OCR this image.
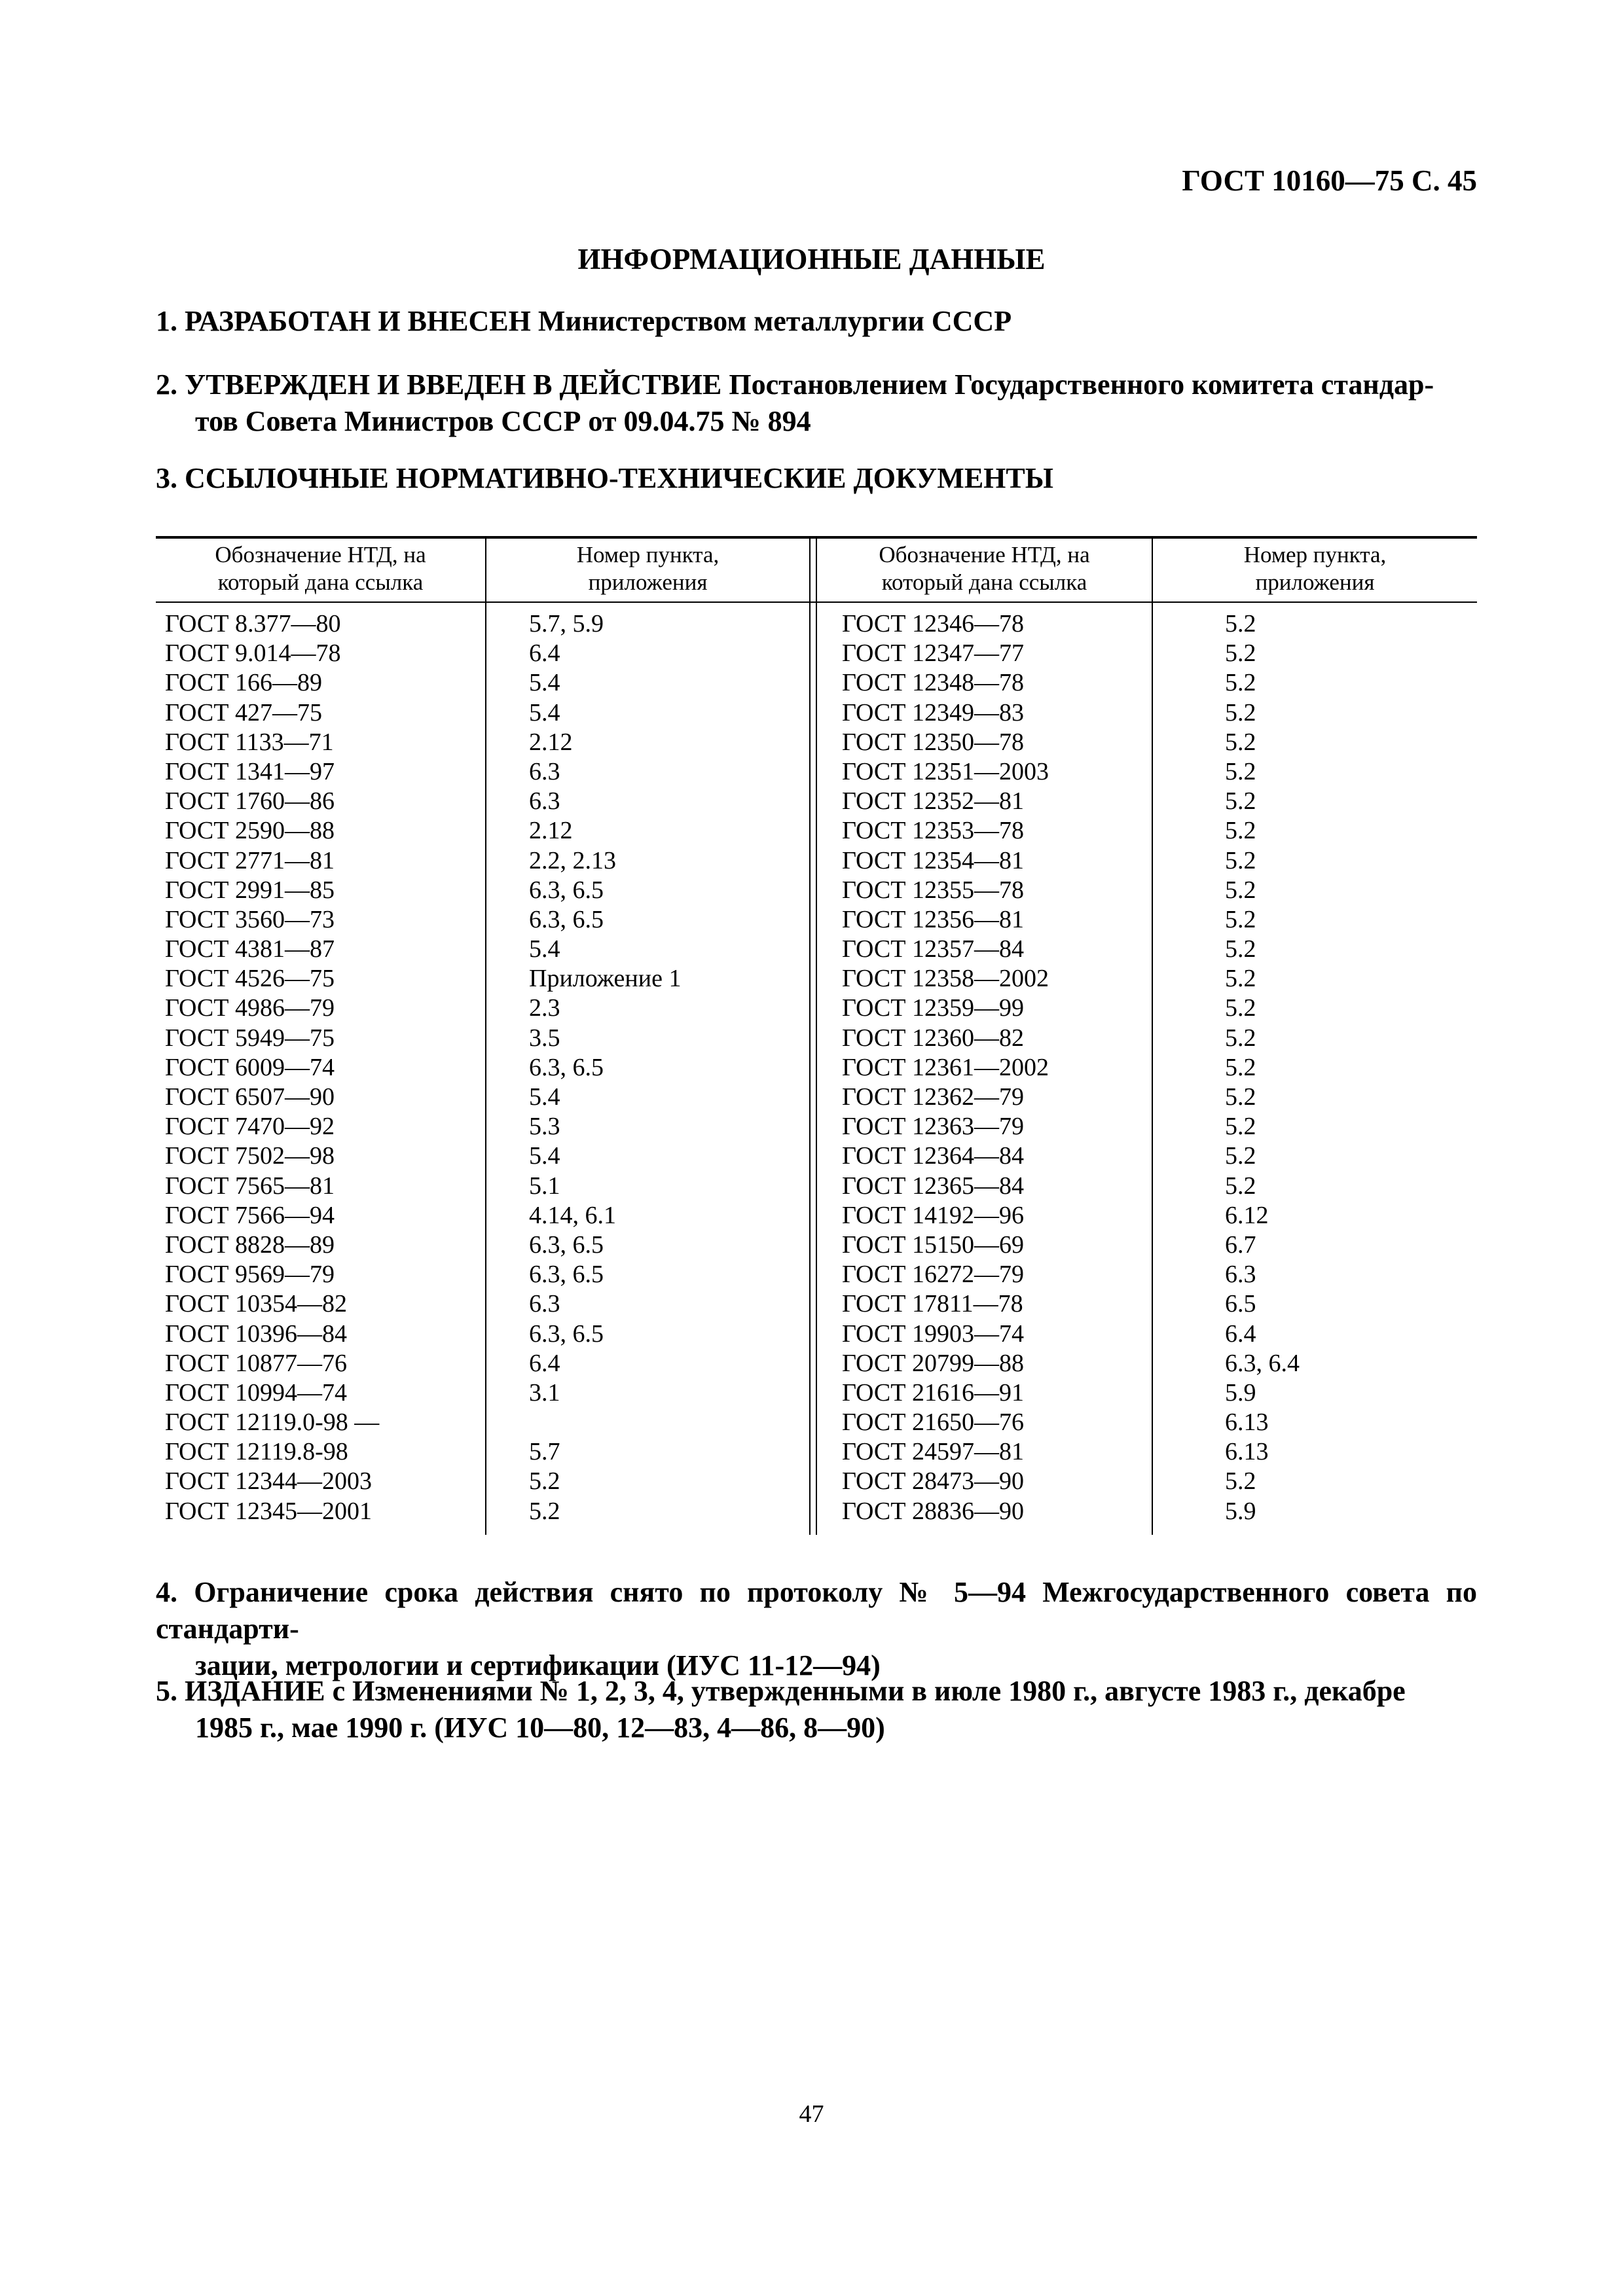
ГОСТ 10160—75 С. 45
ИНФОРМАЦИОННЫЕ ДАННЫЕ

1. РАЗРАБОТАН И ВНЕСЕН Министерством металлургии СССР

2. УТВЕРЖДЕН И ВВЕДЕН В ДЕЙСТВИЕ Постановлением Государственного комитета стандар-

тов Совета Министров СССР от 09.04.75 № 894

3. ССЫЛОЧНЫЕ НОРМАТИВНО-ТЕХНИЧЕСКИЕ ДОКУМЕНТЫ

Обозначение НТД, на
который дана ссылка
Номер пункта,
приложения
Обозначение НТД, на
который дана ссылка
Номер пункта,
приложения
ГОСТ 8.377—80
ГОСТ 9.014—78
ГОСТ 166—89
ГОСТ 427—75
ГОСТ 1133—71
ГОСТ 1341—97
ГОСТ 1760—86
ГОСТ 2590—88
ГОСТ 2771—81
ГОСТ 2991—85
ГОСТ 3560—73
ГОСТ 4381—87
ГОСТ 4526—75
ГОСТ 4986—79
ГОСТ 5949—75
ГОСТ 6009—74
ГОСТ 6507—90
ГОСТ 7470—92
ГОСТ 7502—98
ГОСТ 7565—81
ГОСТ 7566—94
ГОСТ 8828—89
ГОСТ 9569—79
ГОСТ 10354—82
ГОСТ 10396—84
ГОСТ 10877—76
ГОСТ 10994—74
ГОСТ 12119.0-98 —
ГОСТ 12119.8-98
ГОСТ 12344—2003
ГОСТ 12345—2001
5.7, 5.9
6.4
5.4
5.4
2.12
6.3
6.3
2.12
2.2, 2.13
6.3, 6.5
6.3, 6.5
5.4
Приложение 1
2.3
3.5
6.3, 6.5
5.4
5.3
5.4
5.1
4.14, 6.1
6.3, 6.5
6.3, 6.5
6.3
6.3, 6.5
6.4
3.1
5.7
5.2
5.2
ГОСТ 12346—78
ГОСТ 12347—77
ГОСТ 12348—78
ГОСТ 12349—83
ГОСТ 12350—78
ГОСТ 12351—2003
ГОСТ 12352—81
ГОСТ 12353—78
ГОСТ 12354—81
ГОСТ 12355—78
ГОСТ 12356—81
ГОСТ 12357—84
ГОСТ 12358—2002
ГОСТ 12359—99
ГОСТ 12360—82
ГОСТ 12361—2002
ГОСТ 12362—79
ГОСТ 12363—79
ГОСТ 12364—84
ГОСТ 12365—84
ГОСТ 14192—96
ГОСТ 15150—69
ГОСТ 16272—79
ГОСТ 17811—78
ГОСТ 19903—74
ГОСТ 20799—88
ГОСТ 21616—91
ГОСТ 21650—76
ГОСТ 24597—81
ГОСТ 28473—90
ГОСТ 28836—90
5.2
5.2
5.2
5.2
5.2
5.2
5.2
5.2
5.2
5.2
5.2
5.2
5.2
5.2
5.2
5.2
5.2
5.2
5.2
5.2
6.12
6.7
6.3
6.5
6.4
6.3, 6.4
5.9
6.13
6.13
5.2
5.9

4. Ограничение срока действия снято по протоколу № 5—94 Межгосударственного совета по стандарти-

зации, метрологии и сертификации (ИУС 11-12—94)

5. ИЗДАНИЕ с Изменениями № 1, 2, 3, 4, утвержденными в июле 1980 г., августе 1983 г., декабре

1985 г., мае 1990 г. (ИУС 10—80, 12—83, 4—86, 8—90)

47
